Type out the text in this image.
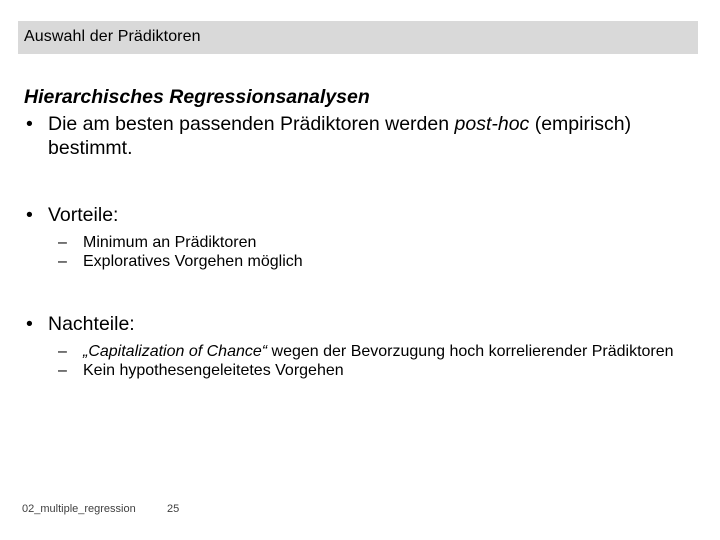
Auswahl der Prädiktoren

Hierarchisches Regressionsanalysen

• Die am besten passenden Prädiktoren werden post-hoc (empirisch) bestimmt.
• Vorteile:
– Minimum an Prädiktoren
– Exploratives Vorgehen möglich
• Nachteile:
– „Capitalization of Chance“ wegen der Bevorzugung hoch korrelierender Prädiktoren
– Kein hypothesengeleitetes Vorgehen
02_multiple_regression	25
